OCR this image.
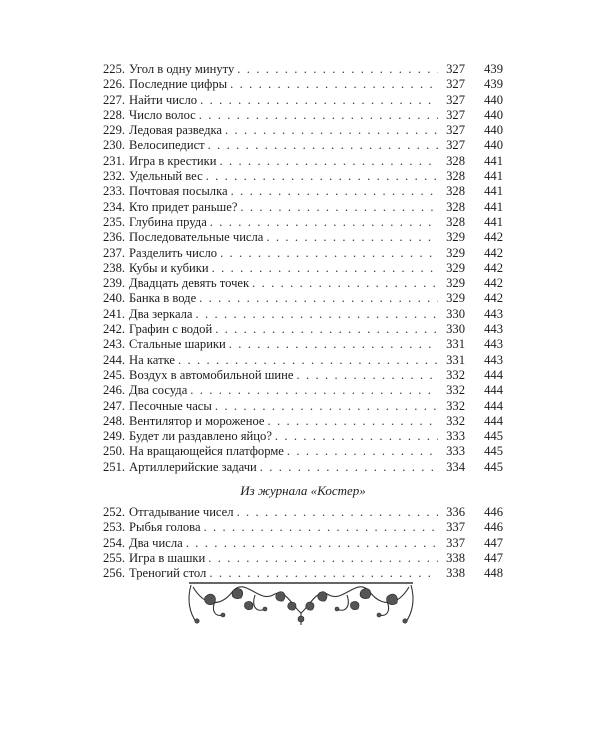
225. Угол в одну минуту . . .	327	439
226. Последние цифры . . .	327	439
227. Найти число . . .	327	440
228. Число волос . . .	327	440
229. Ледовая разведка . . .	327	440
230. Велосипедист . . .	327	440
231. Игра в крестики . . .	328	441
232. Удельный вес . . .	328	441
233. Почтовая посылка . . .	328	441
234. Кто придет раньше? . . .	328	441
235. Глубина пруда . . .	328	441
236. Последовательные числа . . .	329	442
237. Разделить число . . .	329	442
238. Кубы и кубики . . .	329	442
239. Двадцать девять точек . . .	329	442
240. Банка в воде . . .	329	442
241. Два зеркала . . .	330	443
242. Графин с водой . . .	330	443
243. Стальные шарики . . .	331	443
244. На катке . . .	331	443
245. Воздух в автомобильной шине . . .	332	444
246. Два сосуда . . .	332	444
247. Песочные часы . . .	332	444
248. Вентилятор и мороженое . . .	332	444
249. Будет ли раздавлено яйцо? . . .	333	445
250. На вращающейся платформе . . .	333	445
251. Артиллерийские задачи . . .	334	445
Из журнала «Костер»
252. Отгадывание чисел . . .	336	446
253. Рыбья голова . . .	337	446
254. Два числа . . .	337	447
255. Игра в шашки . . .	338	447
256. Треногий стол . . .	338	448
